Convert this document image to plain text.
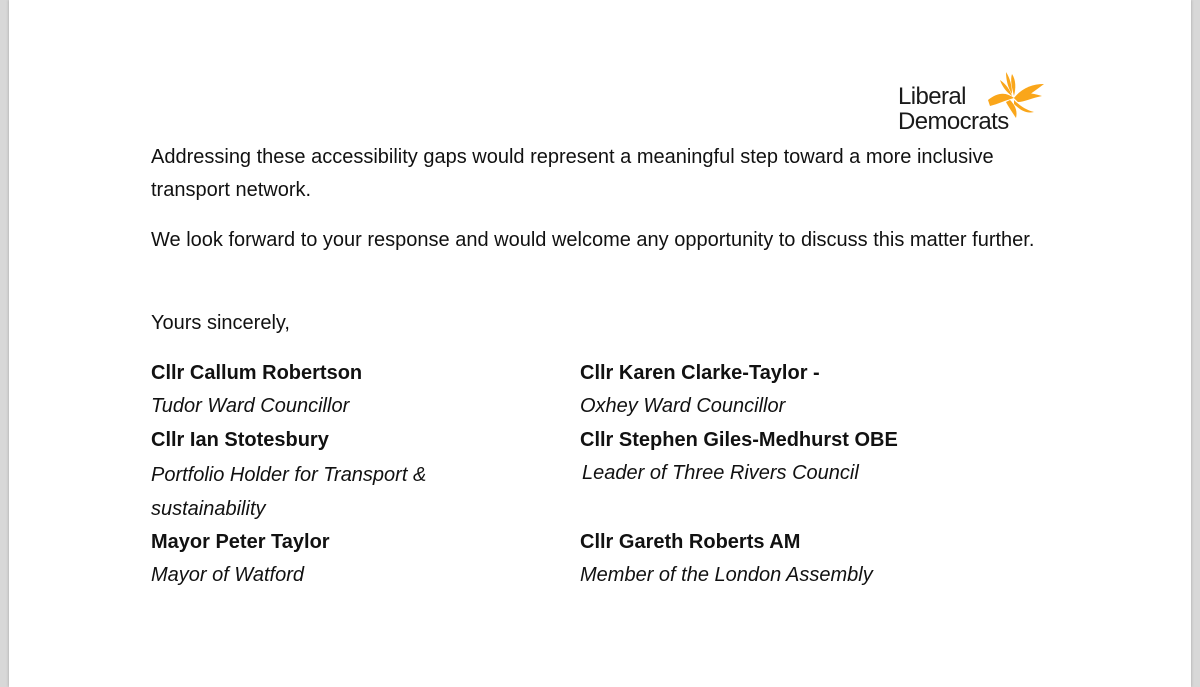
Liberal
Democrats

Addressing these accessibility gaps would represent a meaningful step toward a more inclusive transport network.

We look forward to your response and would welcome any opportunity to discuss this matter further.

Yours sincerely,

Cllr Callum Robertson
Tudor Ward Councillor
Cllr Ian Stotesbury
Portfolio Holder for Transport & sustainability
Mayor Peter Taylor
Mayor of Watford
Cllr Karen Clarke-Taylor -
Oxhey Ward Councillor
Cllr Stephen Giles-Medhurst OBE
Leader of Three Rivers Council
Cllr Gareth Roberts AM
Member of the London Assembly
